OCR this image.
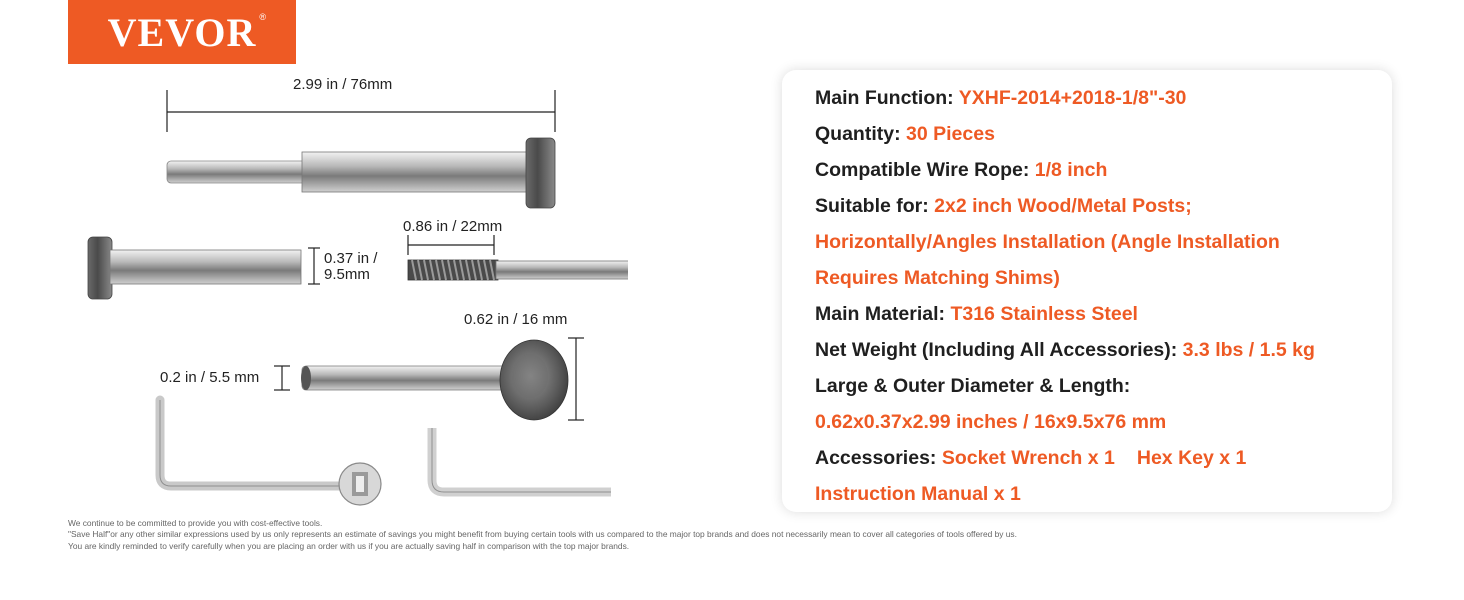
VEVOR ®
2.99 in / 76mm
0.37 in /
9.5mm
0.86 in / 22mm
0.62 in / 16 mm
0.2 in / 5.5 mm
Main Function: YXHF-2014+2018-1/8"-30
Quantity: 30 Pieces
Compatible Wire Rope: 1/8 inch
Suitable for: 2x2 inch Wood/Metal Posts;
Horizontally/Angles Installation (Angle Installation
Requires Matching Shims)
Main Material: T316 Stainless Steel
Net Weight (Including All Accessories): 3.3 lbs / 1.5 kg
Large & Outer Diameter & Length:
0.62x0.37x2.99 inches / 16x9.5x76 mm
Accessories: Socket Wrench x 1 Hex Key x 1
Instruction Manual x 1

We continue to be committed to provide you with cost-effective tools.

"Save Half"or any other similar expressions used by us only represents an estimate of savings you might benefit from buying certain tools with us compared to the major top brands and does not necessarily mean to cover all categories of tools offered by us.

You are kindly reminded to verify carefully when you are placing an order with us if you are actually saving half in comparison with the top major brands.
